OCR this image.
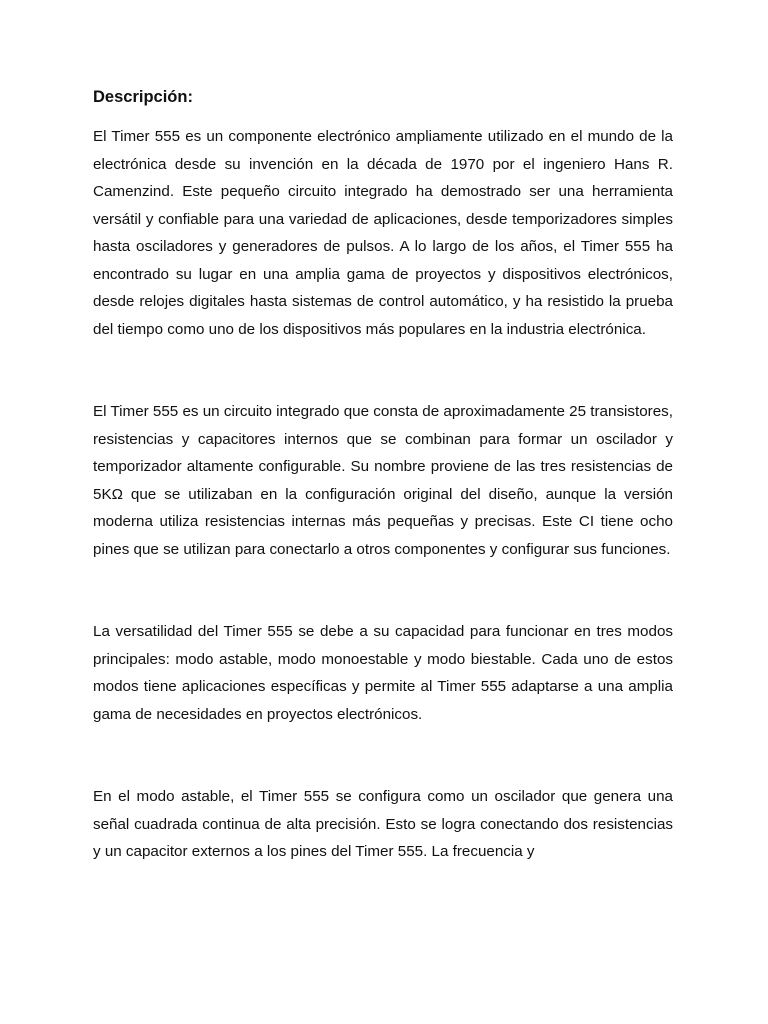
Descripción:

El Timer 555 es un componente electrónico ampliamente utilizado en el mundo de la electrónica desde su invención en la década de 1970 por el ingeniero Hans R. Camenzind. Este pequeño circuito integrado ha demostrado ser una herramienta versátil y confiable para una variedad de aplicaciones, desde temporizadores simples hasta osciladores y generadores de pulsos. A lo largo de los años, el Timer 555 ha encontrado su lugar en una amplia gama de proyectos y dispositivos electrónicos, desde relojes digitales hasta sistemas de control automático, y ha resistido la prueba del tiempo como uno de los dispositivos más populares en la industria electrónica.

El Timer 555 es un circuito integrado que consta de aproximadamente 25 transistores, resistencias y capacitores internos que se combinan para formar un oscilador y temporizador altamente configurable. Su nombre proviene de las tres resistencias de 5KΩ que se utilizaban en la configuración original del diseño, aunque la versión moderna utiliza resistencias internas más pequeñas y precisas. Este CI tiene ocho pines que se utilizan para conectarlo a otros componentes y configurar sus funciones.

La versatilidad del Timer 555 se debe a su capacidad para funcionar en tres modos principales: modo astable, modo monoestable y modo biestable. Cada uno de estos modos tiene aplicaciones específicas y permite al Timer 555 adaptarse a una amplia gama de necesidades en proyectos electrónicos.

En el modo astable, el Timer 555 se configura como un oscilador que genera una señal cuadrada continua de alta precisión. Esto se logra conectando dos resistencias y un capacitor externos a los pines del Timer 555. La frecuencia y
